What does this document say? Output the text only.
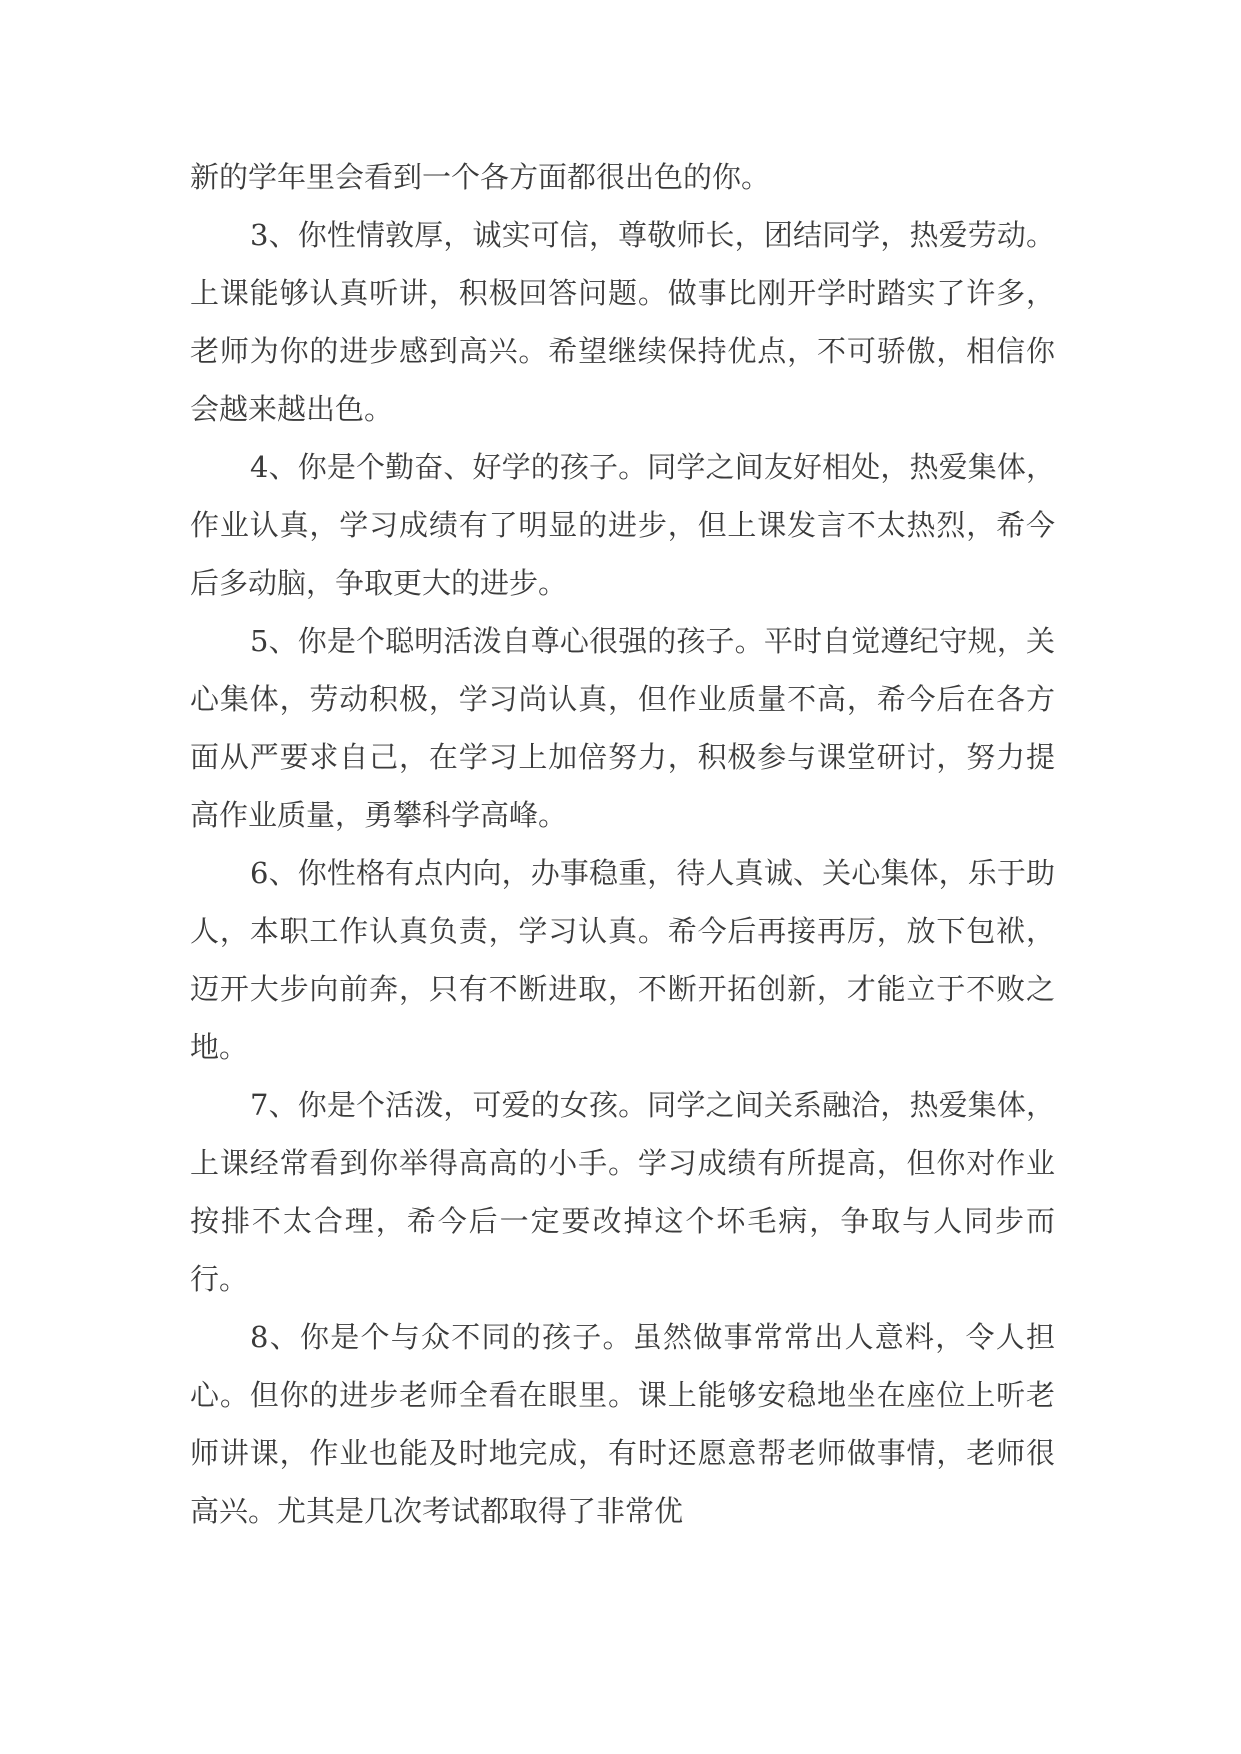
新的学年里会看到一个各方面都很出色的你。

3、你性情敦厚，诚实可信，尊敬师长，团结同学，热爱劳动。上课能够认真听讲，积极回答问题。做事比刚开学时踏实了许多，老师为你的进步感到高兴。希望继续保持优点，不可骄傲，相信你会越来越出色。

4、你是个勤奋、好学的孩子。同学之间友好相处，热爱集体，作业认真，学习成绩有了明显的进步，但上课发言不太热烈，希今后多动脑，争取更大的进步。

5、你是个聪明活泼自尊心很强的孩子。平时自觉遵纪守规，关心集体，劳动积极，学习尚认真，但作业质量不高，希今后在各方面从严要求自己，在学习上加倍努力，积极参与课堂研讨，努力提高作业质量，勇攀科学高峰。

6、你性格有点内向，办事稳重，待人真诚、关心集体，乐于助人，本职工作认真负责，学习认真。希今后再接再厉，放下包袱，迈开大步向前奔，只有不断进取，不断开拓创新，才能立于不败之地。

7、你是个活泼，可爱的女孩。同学之间关系融洽，热爱集体，上课经常看到你举得高高的小手。学习成绩有所提高，但你对作业按排不太合理，希今后一定要改掉这个坏毛病，争取与人同步而行。

8、你是个与众不同的孩子。虽然做事常常出人意料，令人担心。但你的进步老师全看在眼里。课上能够安稳地坐在座位上听老师讲课，作业也能及时地完成，有时还愿意帮老师做事情，老师很高兴。尤其是几次考试都取得了非常优
